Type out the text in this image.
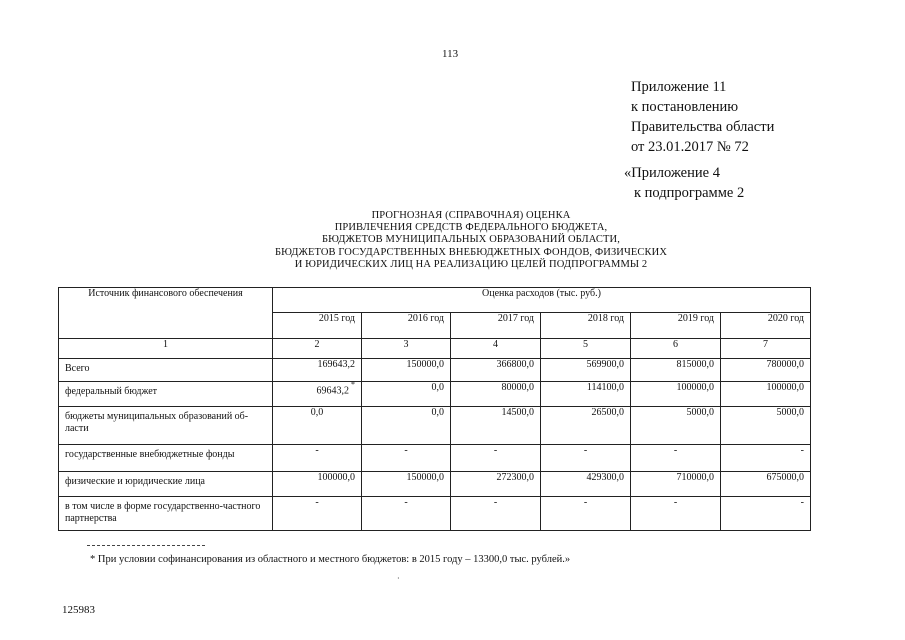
113
Приложение 11
к постановлению
Правительства области
от 23.01.2017 № 72
«Приложение 4
к подпрограмме 2
ПРОГНОЗНАЯ (СПРАВОЧНАЯ) ОЦЕНКА
ПРИВЛЕЧЕНИЯ СРЕДСТВ ФЕДЕРАЛЬНОГО БЮДЖЕТА,
БЮДЖЕТОВ МУНИЦИПАЛЬНЫХ ОБРАЗОВАНИЙ ОБЛАСТИ,
БЮДЖЕТОВ ГОСУДАРСТВЕННЫХ ВНЕБЮДЖЕТНЫХ ФОНДОВ, ФИЗИЧЕСКИХ
И ЮРИДИЧЕСКИХ ЛИЦ НА РЕАЛИЗАЦИЮ ЦЕЛЕЙ ПОДПРОГРАММЫ 2
Источник финансового обеспечения	Оценка расходов (тыс. руб.)					
	2015 год	2016 год	2017 год	2018 год	2019 год	2020 год
1	2	3	4	5	6	7

Всего	169643,2	150000,0	366800,0	569900,0	815000,0	780000,0

федеральный бюджет	69643,2*	0,0	80000,0	114100,0	100000,0	100000,0

бюджеты муниципальных образований об-ласти	0,0	0,0	14500,0	26500,0	5000,0	5000,0

государственные внебюджетные фонды	-	-	-	-	-	-

физические и юридические лица	100000,0	150000,0	272300,0	429300,0	710000,0	675000,0

в том числе в форме государственно-частного партнерства	-	-	-	-	-	-
* При условии софинансирования из областного и местного бюджетов: в 2015 году – 13300,0 тыс. рублей.»
·
125983
